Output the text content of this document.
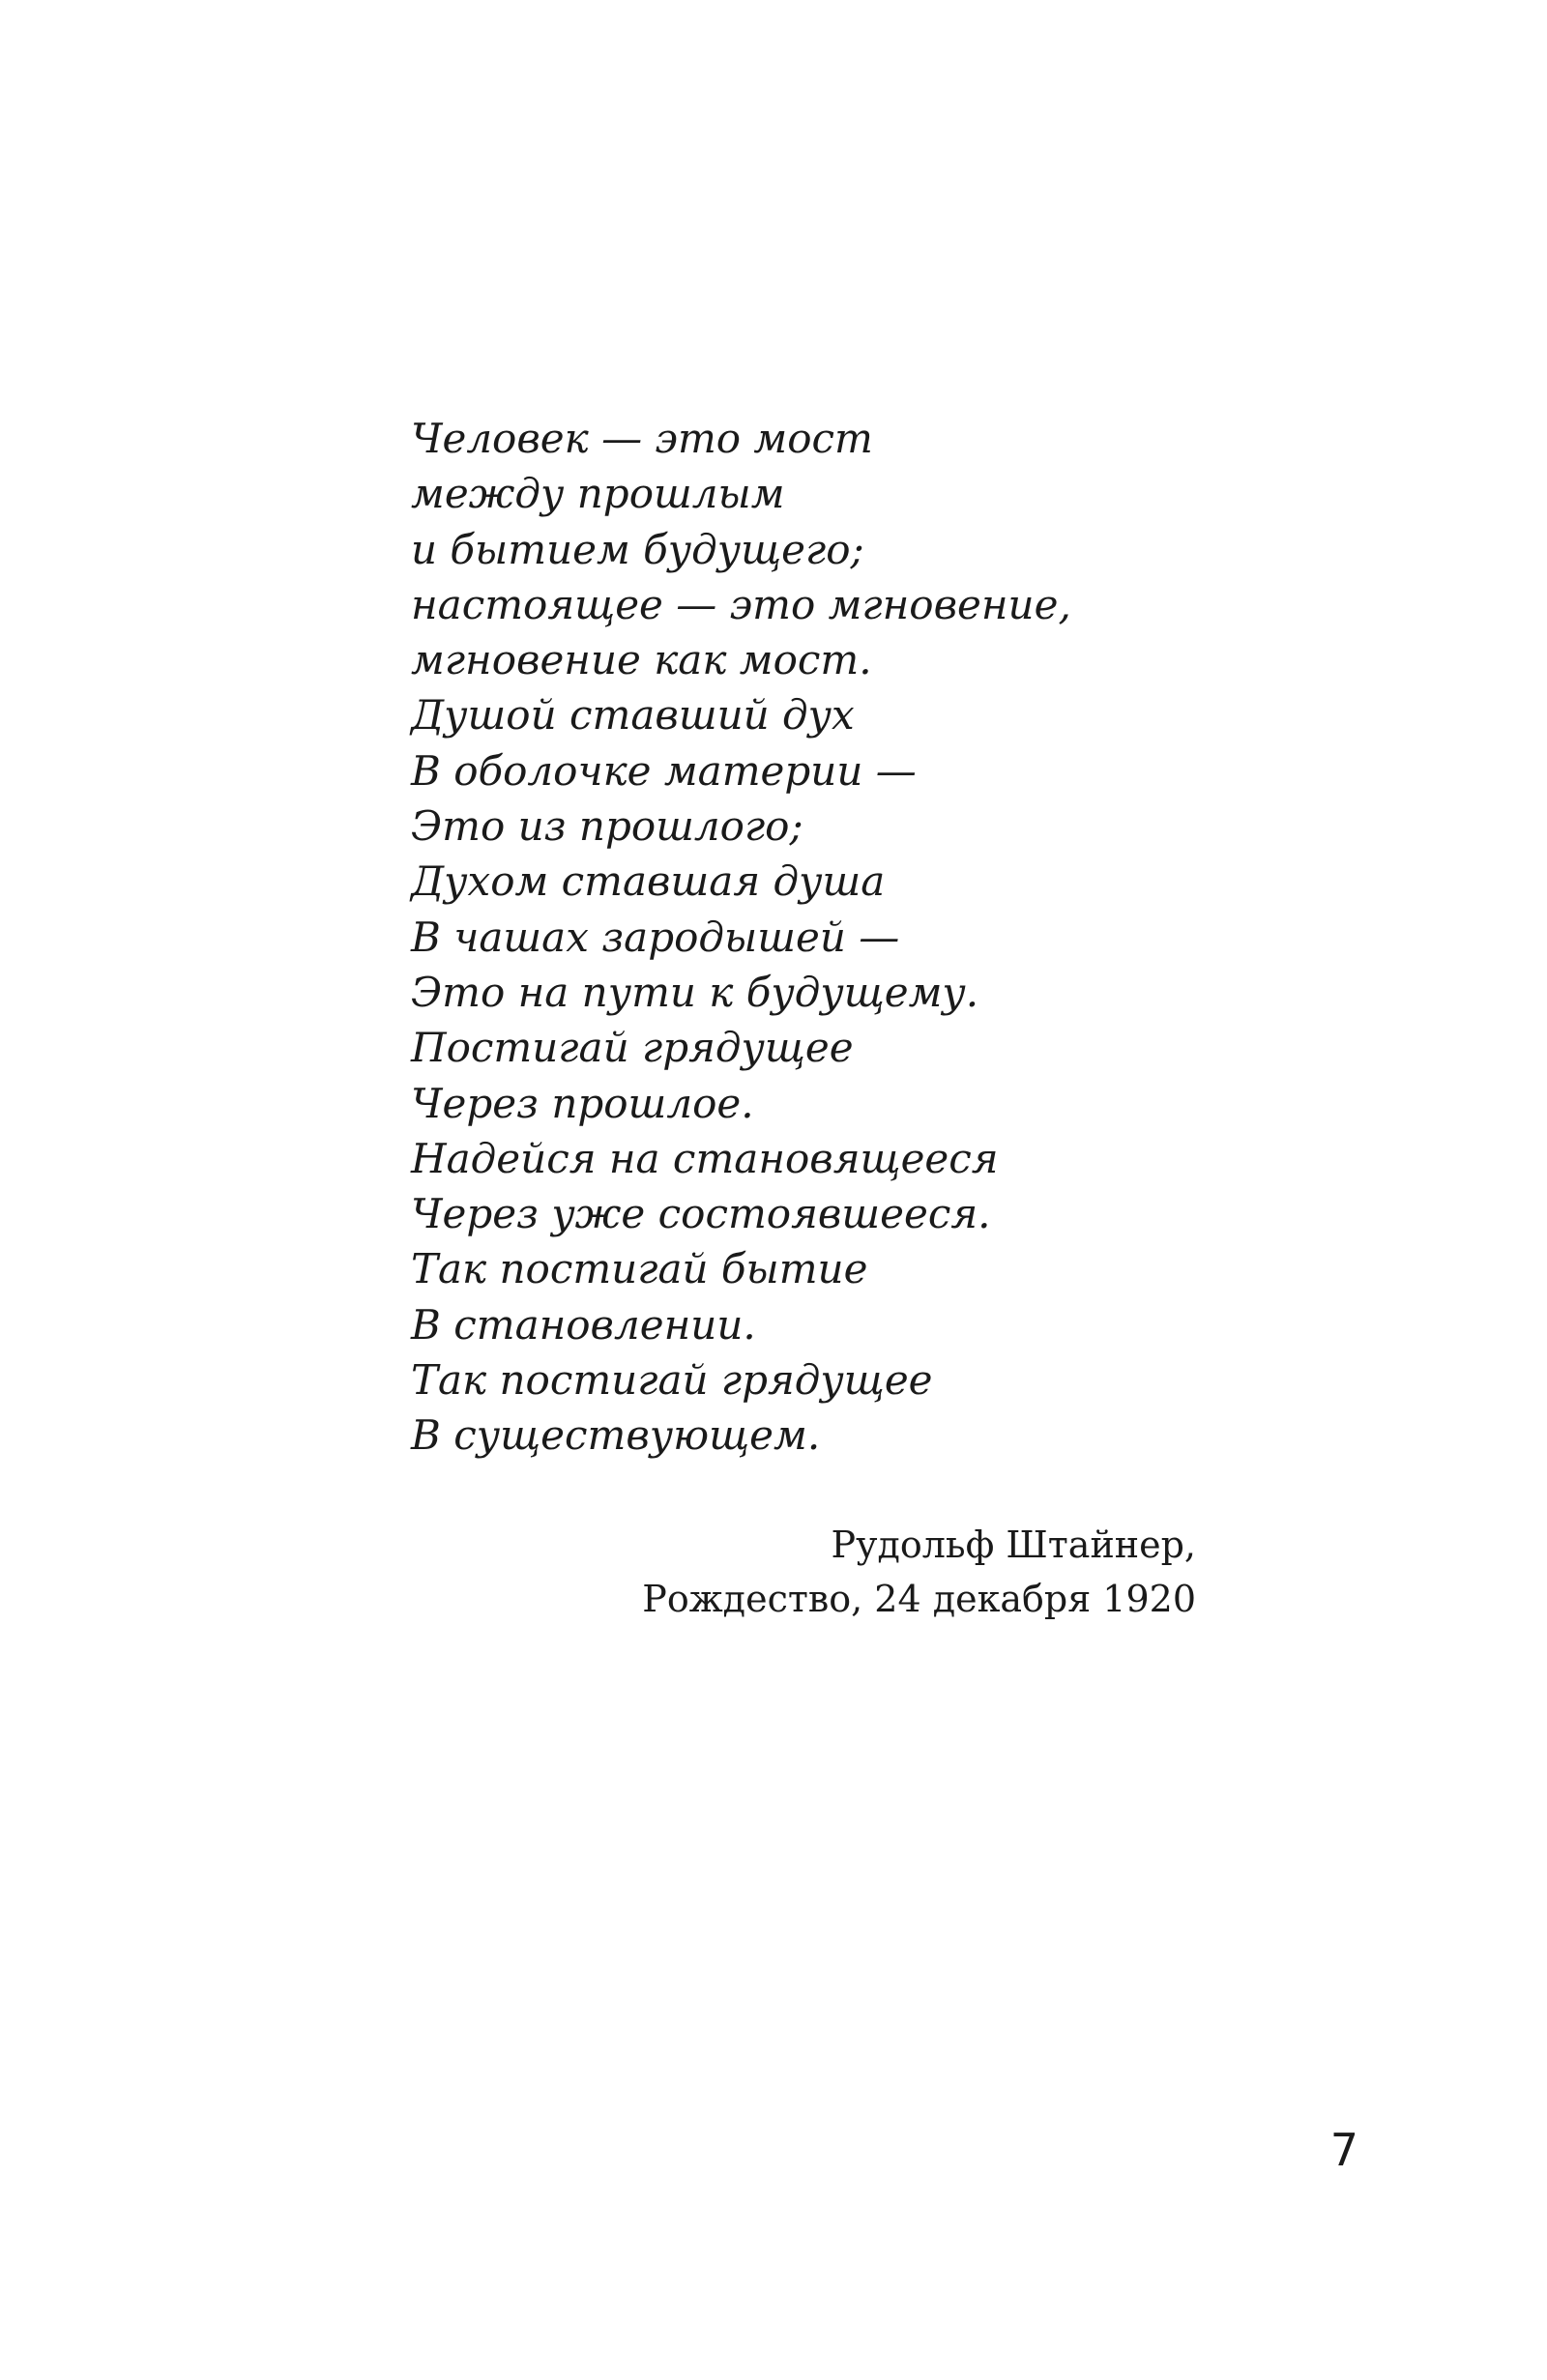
Человек — это мост
между прошлым
и бытием будущего;
настоящее — это мгновение,
мгновение как мост.
Душой ставший дух
В оболочке материи —
Это из прошлого;
Духом ставшая душа
В чашах зародышей —
Это на пути к будущему.
Постигай грядущее
Через прошлое.
Надейся на становящееся
Через уже состоявшееся.
Так постигай бытие
В становлении.
Так постигай грядущее
В существующем.
Рудольф Штайнер,
Рождество, 24 декабря 1920
7
